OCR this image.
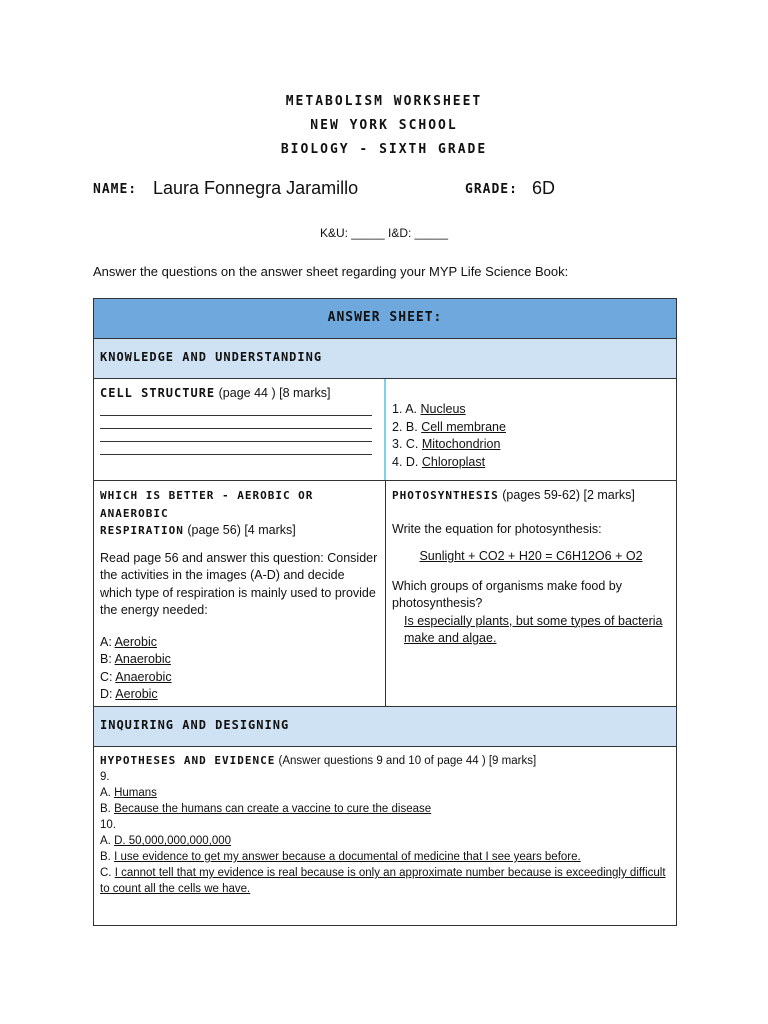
METABOLISM WORKSHEET
NEW YORK SCHOOL
BIOLOGY - SIXTH GRADE
NAME: Laura Fonnegra Jaramillo	GRADE: 6D
K&U: _____ I&D: _____
Answer the questions on the answer sheet regarding your MYP Life Science Book:
ANSWER SHEET:
KNOWLEDGE AND UNDERSTANDING
CELL STRUCTURE (page 44 ) [8 marks]
1. A. Nucleus
2. B. Cell membrane
3. C. Mitochondrion
4. D. Chloroplast
WHICH IS BETTER - AEROBIC OR ANAEROBIC
RESPIRATION (page 56) [4 marks]
Read page 56 and answer this question: Consider the activities in the images (A-D) and decide which type of respiration is mainly used to provide the energy needed:
A: Aerobic
B: Anaerobic
C: Anaerobic
D: Aerobic
PHOTOSYNTHESIS (pages 59-62) [2 marks]
Write the equation for photosynthesis:
Sunlight + CO2 + H20 = C6H12O6 + O2
Which groups of organisms make food by photosynthesis?
Is especially plants, but some types of bacteria make and algae.
INQUIRING AND DESIGNING
HYPOTHESES AND EVIDENCE (Answer questions 9 and 10 of page 44 ) [9 marks]
9.
A. Humans
B. Because the humans can create a vaccine to cure the disease
10.
A. D. 50,000,000,000,000
B. I use evidence to get my answer because a documental of medicine that I see years before.
C. I cannot tell that my evidence is real because is only an approximate number because is exceedingly difficult to count all the cells we have.
